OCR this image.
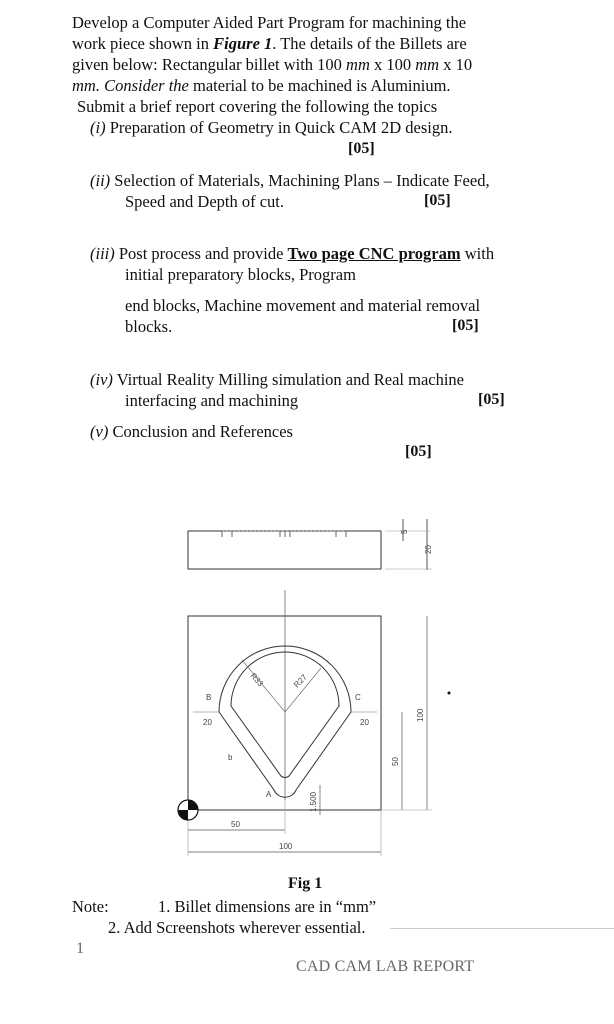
Develop a Computer Aided Part Program for machining the

work piece shown in Figure 1. The details of the Billets are

given below: Rectangular billet with 100 mm x 100 mm x 10

mm. Consider the material to be machined is Aluminium.

Submit a brief report covering the following the topics

(i) Preparation of Geometry in Quick CAM 2D design.

[05]

(ii) Selection of Materials, Machining Plans – Indicate Feed,

Speed and Depth of cut.	[05]

(iii) Post process and provide Two page CNC program with

initial preparatory blocks, Program

end blocks, Machine movement and material removal

blocks.	[05]

(iv) Virtual Reality Milling simulation and Real machine

interfacing and machining	[05]

(v) Conclusion and References

[05]
5
20
R33	R27
20	20
B	C
A
b	50
100
1.500
50
100
Fig 1

Note:	1. Billet dimensions are in “mm”

2. Add Screenshots wherever essential.

1
CAD CAM LAB REPORT
